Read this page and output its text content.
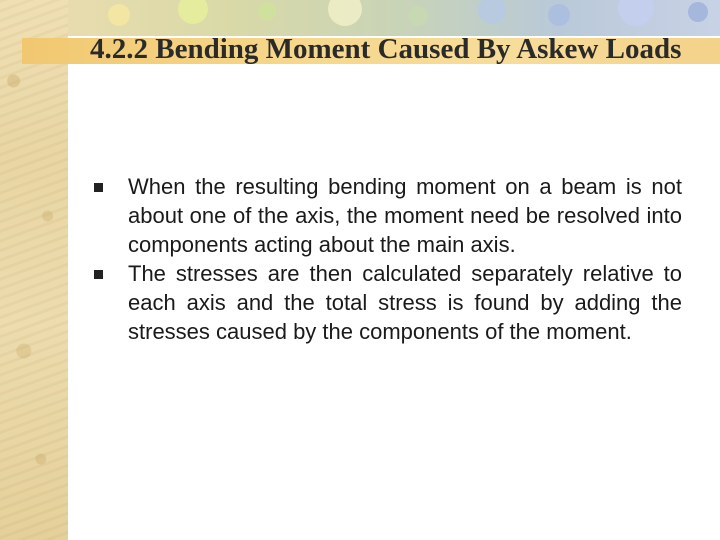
4.2.2 Bending Moment Caused By Askew Loads
When the resulting bending moment on a beam is not about one of the axis, the moment need be resolved into components acting about the main axis.
The stresses are then calculated separately relative to each axis and the total stress is found by adding the stresses caused by the components of the moment.
